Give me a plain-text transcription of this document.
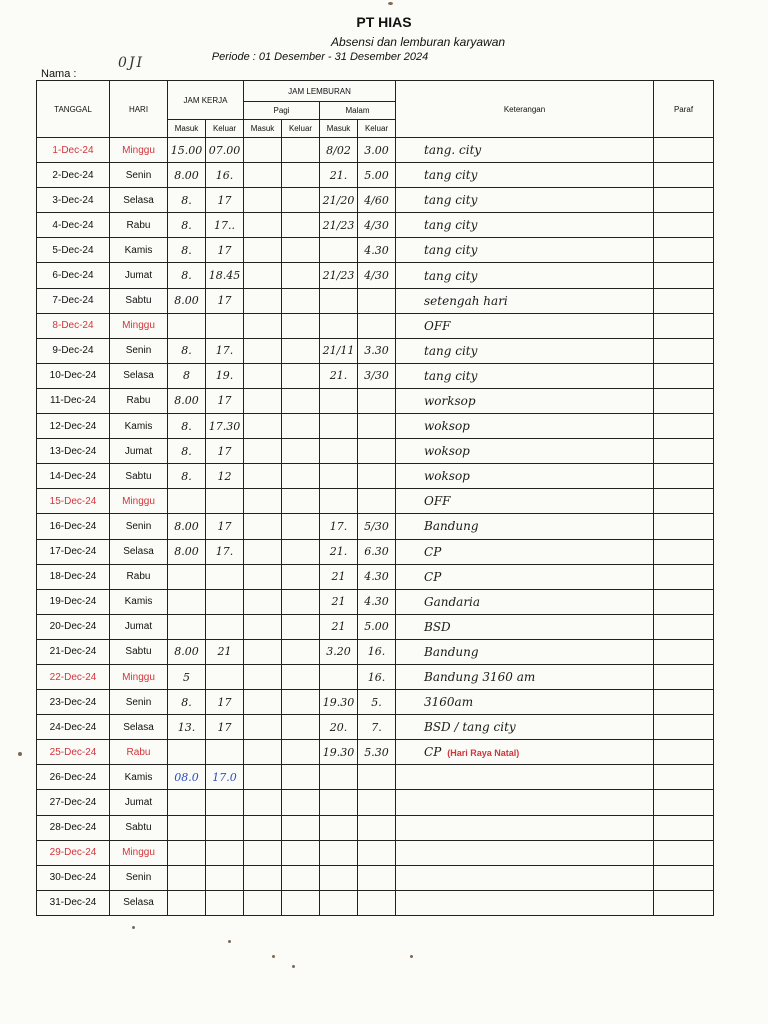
PT HIAS
Absensi dan lemburan karyawan
Periode : 01 Desember - 31 Desember 2024
Nama :
0JI
TANGGAL	HARI	JAM KERJA		JAM LEMBURAN				Keterangan	Paraf
				Pagi		Malam			
		Masuk	Keluar	Masuk	Keluar	Masuk	Keluar		
1-Dec-24	Minggu	15.00	07.00			8/02	3.00	tang. city	
2-Dec-24	Senin	8.00	16.			21.	5.00	tang city	
3-Dec-24	Selasa	8.	17			21/20	4/60	tang city	
4-Dec-24	Rabu	8.	17..			21/23	4/30	tang city	
5-Dec-24	Kamis	8.	17				4.30	tang city	
6-Dec-24	Jumat	8.	18.45			21/23	4/30	tang city	
7-Dec-24	Sabtu	8.00	17					setengah hari	
8-Dec-24	Minggu							OFF	
9-Dec-24	Senin	8.	17.			21/11	3.30	tang city	
10-Dec-24	Selasa	8	19.			21.	3/30	tang city	
11-Dec-24	Rabu	8.00	17					worksop	
12-Dec-24	Kamis	8.	17.30					woksop	
13-Dec-24	Jumat	8.	17					woksop	
14-Dec-24	Sabtu	8.	12					woksop	
15-Dec-24	Minggu							OFF	
16-Dec-24	Senin	8.00	17			17.	5/30	Bandung	
17-Dec-24	Selasa	8.00	17.			21.	6.30	CP	
18-Dec-24	Rabu					21	4.30	CP	
19-Dec-24	Kamis					21	4.30	Gandaria	
20-Dec-24	Jumat					21	5.00	BSD	
21-Dec-24	Sabtu	8.00	21			3.20	16.	Bandung	
22-Dec-24	Minggu	5					16.	Bandung 3160 am	
23-Dec-24	Senin	8.	17			19.30	5.	3160am	
24-Dec-24	Selasa	13.	17			20.	7.	BSD / tang city	
25-Dec-24	Rabu					19.30	5.30	CP (Hari Raya Natal)	
26-Dec-24	Kamis	08.0	17.0						
27-Dec-24	Jumat								
28-Dec-24	Sabtu								
29-Dec-24	Minggu								
30-Dec-24	Senin								
31-Dec-24	Selasa								
